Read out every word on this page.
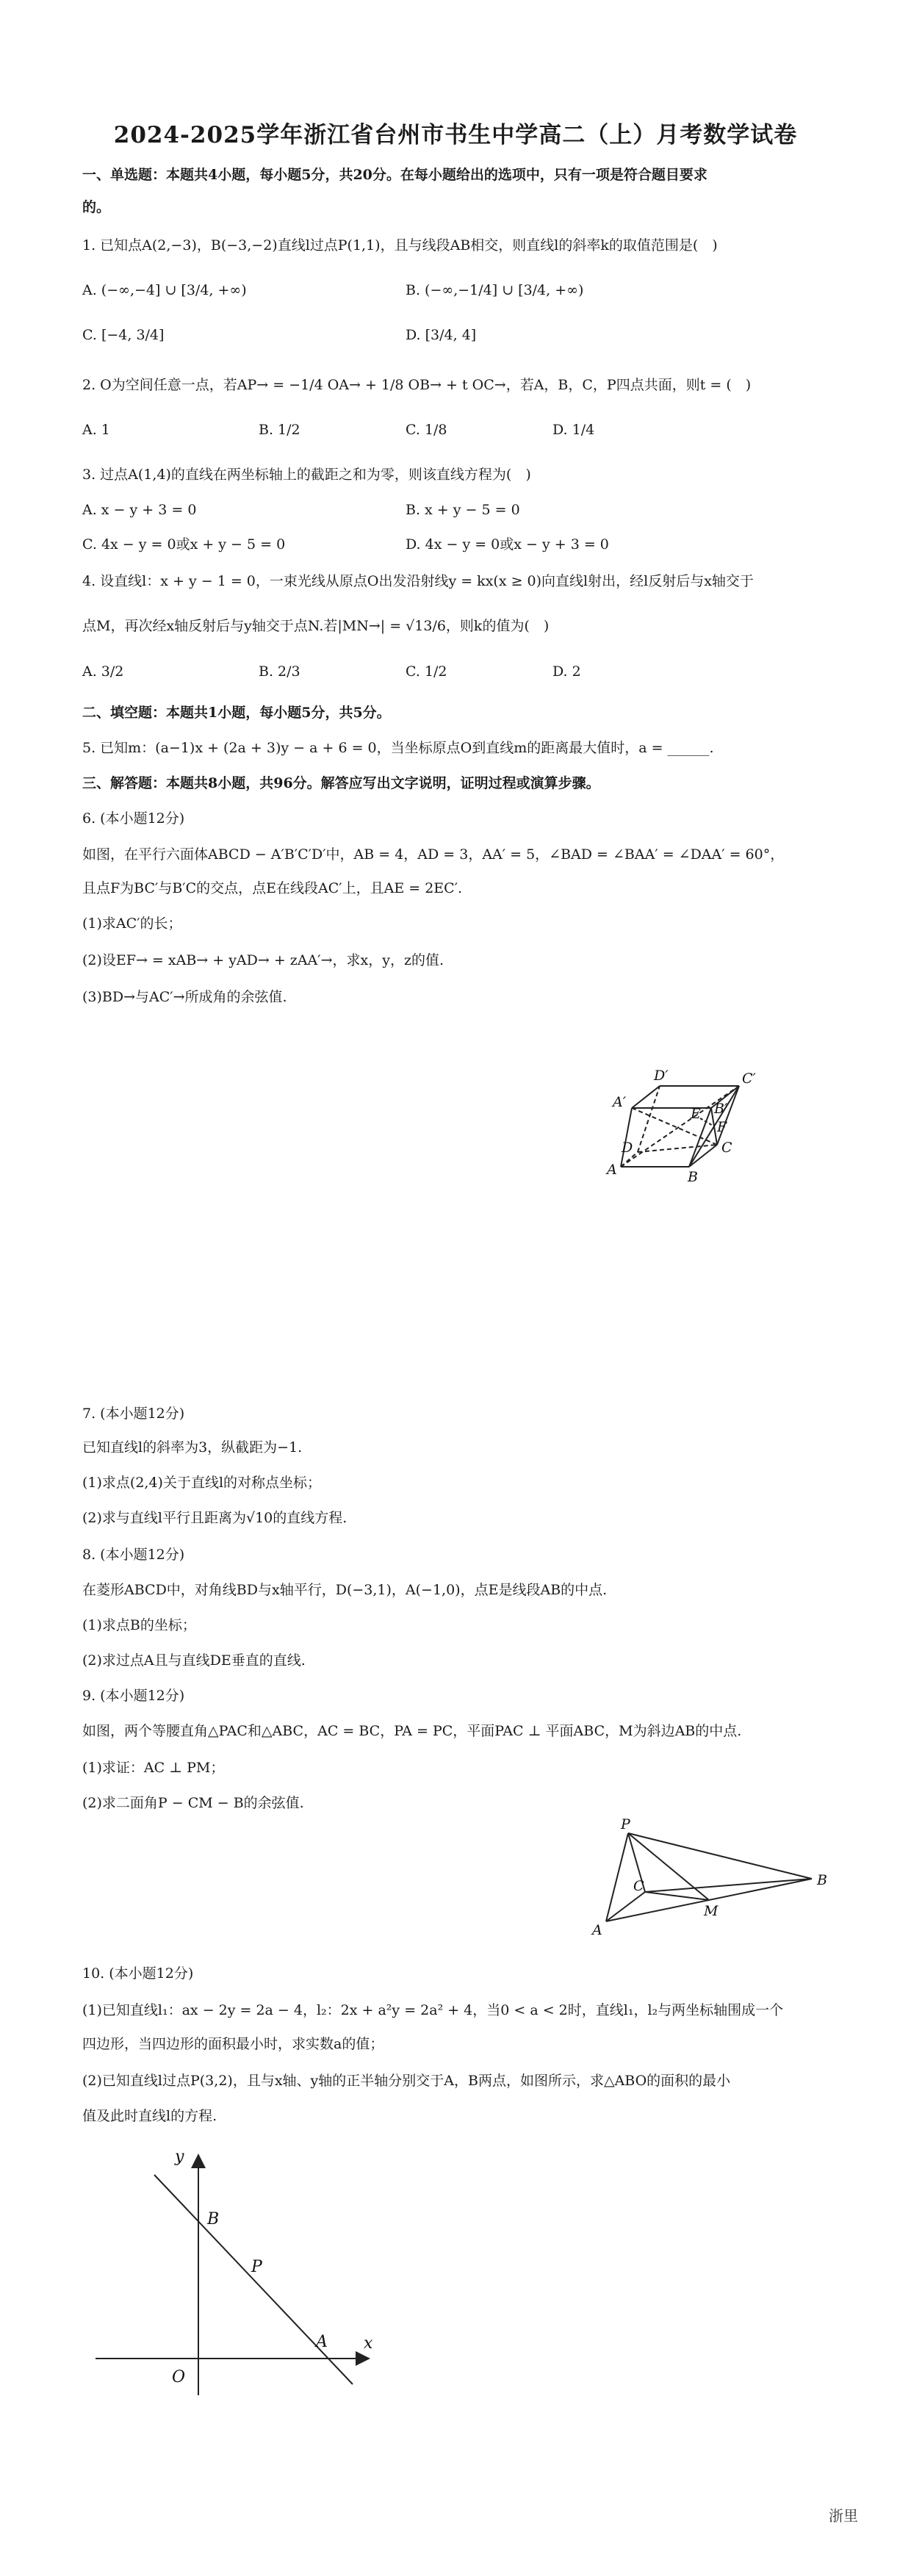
2024-2025学年浙江省台州市书生中学高二（上）月考数学试卷
一、单选题：本题共4小题，每小题5分，共20分。在每小题给出的选项中，只有一项是符合题目要求
的。
1. 已知点A(2,−3)，B(−3,−2)直线l过点P(1,1)，且与线段AB相交，则直线l的斜率k的取值范围是(　)
A. (−∞,−4] ∪ [3/4, +∞)	B. (−∞,−1/4] ∪ [3/4, +∞)
C. [−4, 3/4]	D. [3/4, 4]
2. O为空间任意一点，若AP→ = −1/4 OA→ + 1/8 OB→ + t OC→，若A，B，C，P四点共面，则t = (　)
A. 1	B. 1/2	C. 1/8	D. 1/4
3. 过点A(1,4)的直线在两坐标轴上的截距之和为零，则该直线方程为(　)
A. x − y + 3 = 0	B. x + y − 5 = 0
C. 4x − y = 0或x + y − 5 = 0	D. 4x − y = 0或x − y + 3 = 0
4. 设直线l：x + y − 1 = 0，一束光线从原点O出发沿射线y = kx(x ≥ 0)向直线l射出，经l反射后与x轴交于
点M，再次经x轴反射后与y轴交于点N.若|MN→| = √13/6，则k的值为(　)
A. 3/2	B. 2/3	C. 1/2	D. 2
二、填空题：本题共1小题，每小题5分，共5分。
5. 已知m：(a−1)x + (2a + 3)y − a + 6 = 0，当坐标原点O到直线m的距离最大值时，a = ______.
三、解答题：本题共8小题，共96分。解答应写出文字说明，证明过程或演算步骤。
6. (本小题12分)
如图，在平行六面体ABCD − A′B′C′D′中，AB = 4，AD = 3，AA′ = 5，∠BAD = ∠BAA′ = ∠DAA′ = 60°，
且点F为BC′与B′C的交点，点E在线段AC′上，且AE = 2EC′.
(1)求AC′的长；
(2)设EF→ = xAB→ + yAD→ + zAA′→，求x，y，z的值.
(3)BD→与AC′→所成角的余弦值.
A	B
C
D
A′	B′
C′
D′
E
F
7. (本小题12分)
已知直线l的斜率为3，纵截距为−1.
(1)求点(2,4)关于直线l的对称点坐标；
(2)求与直线l平行且距离为√10的直线方程.
8. (本小题12分)
在菱形ABCD中，对角线BD与x轴平行，D(−3,1)，A(−1,0)，点E是线段AB的中点.
(1)求点B的坐标；
(2)求过点A且与直线DE垂直的直线.
9. (本小题12分)
如图，两个等腰直角△PAC和△ABC，AC = BC，PA = PC，平面PAC ⊥ 平面ABC，M为斜边AB的中点.
(1)求证：AC ⊥ PM；
(2)求二面角P − CM − B的余弦值.
P
A
B
C
M
10. (本小题12分)
(1)已知直线l₁：ax − 2y = 2a − 4，l₂：2x + a²y = 2a² + 4，当0 < a < 2时，直线l₁，l₂与两坐标轴围成一个
四边形，当四边形的面积最小时，求实数a的值；
(2)已知直线l过点P(3,2)，且与x轴、y轴的正半轴分别交于A，B两点，如图所示，求△ABO的面积的最小
值及此时直线l的方程.
y
x
O
B
P
A
浙里
